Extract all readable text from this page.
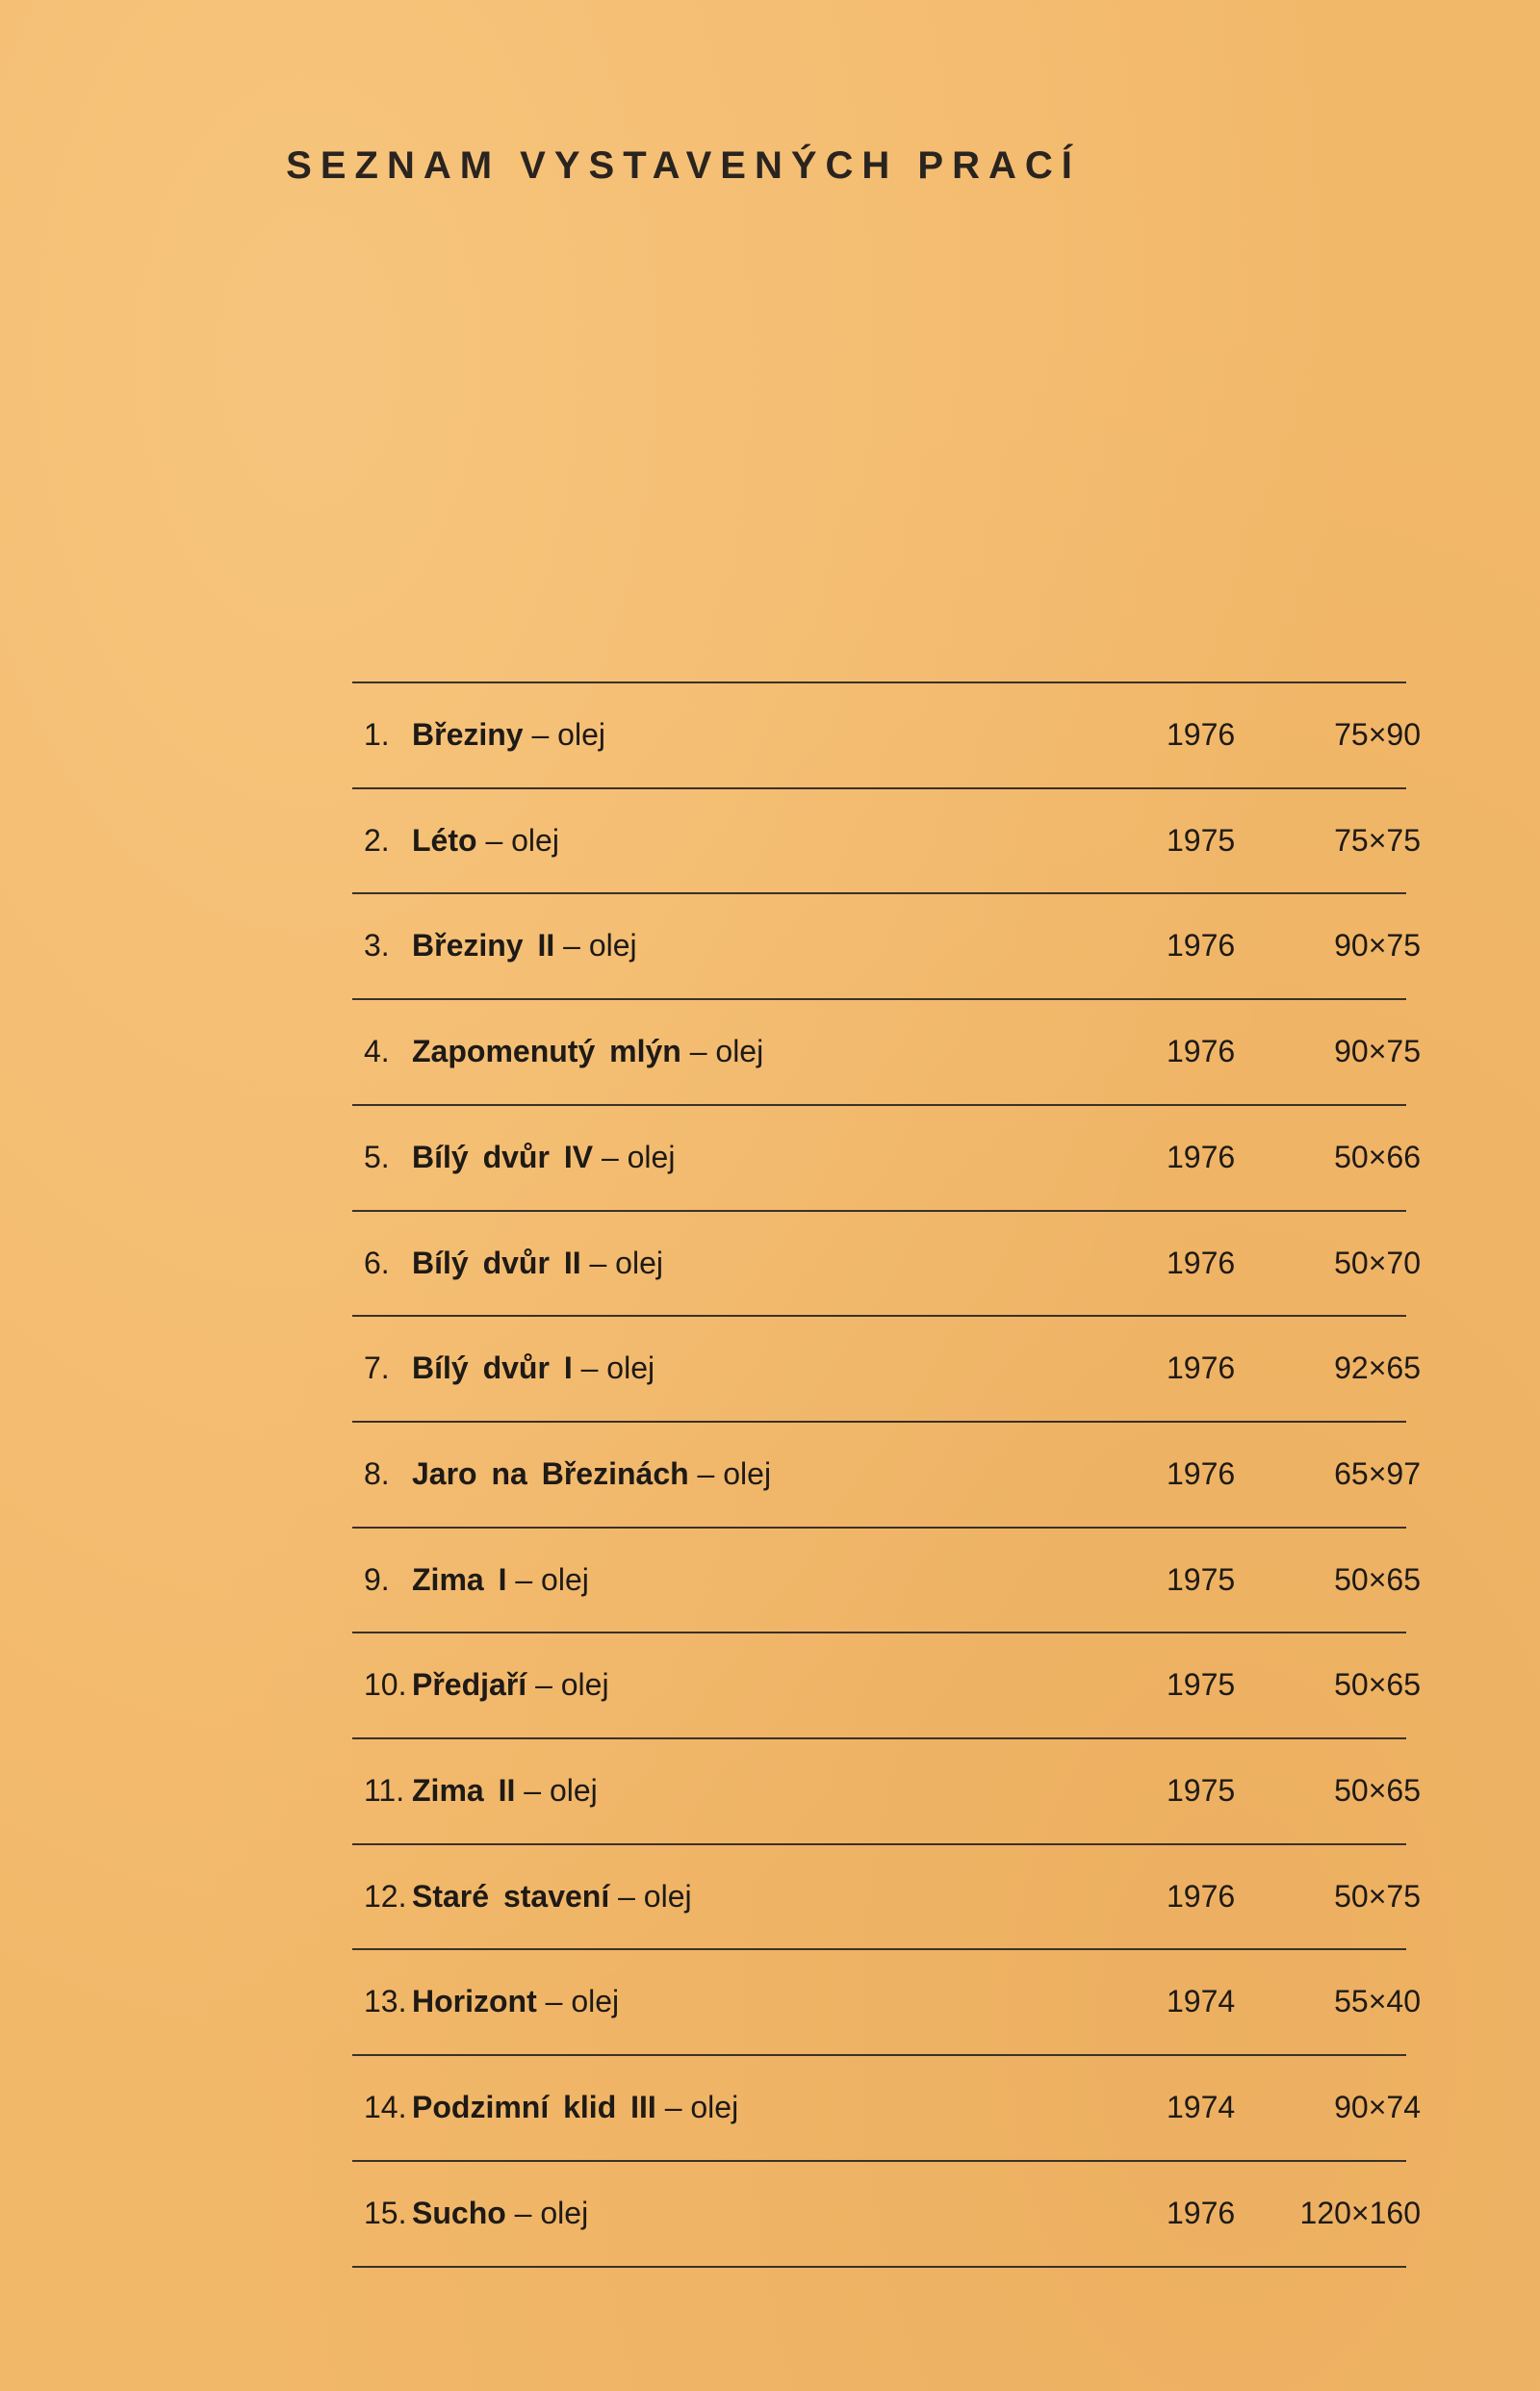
SEZNAM VYSTAVENÝCH PRACÍ
1. Březiny – olej	1976	75×90
2. Léto – olej	1975	75×75
3. Březiny II – olej	1976	90×75
4. Zapomenutý mlýn – olej	1976	90×75
5. Bílý dvůr IV – olej	1976	50×66
6. Bílý dvůr II – olej	1976	50×70
7. Bílý dvůr I – olej	1976	92×65
8. Jaro na Březinách – olej	1976	65×97
9. Zima I – olej	1975	50×65
10. Předjaří – olej	1975	50×65
11. Zima II – olej	1975	50×65
12. Staré stavení – olej	1976	50×75
13. Horizont – olej	1974	55×40
14. Podzimní klid III – olej	1974	90×74
15. Sucho – olej	1976	120×160
